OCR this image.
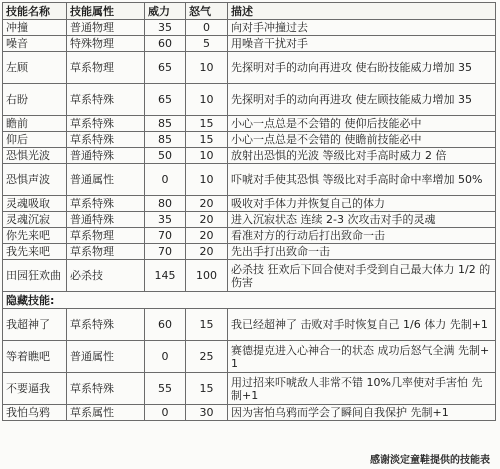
技能名称	技能属性	威力	怒气	描述
冲撞	普通物理	35	0	向对手冲撞过去
噪音	特殊物理	60	5	用噪音干扰对手
左顾	草系物理	65	10	先探明对手的动向再进攻 使右盼技能威力增加 35
右盼	草系特殊	65	10	先探明对手的动向再进攻 使左顾技能威力增加 35
瞻前	草系特殊	85	15	小心一点总是不会错的 使仰后技能必中
仰后	草系特殊	85	15	小心一点总是不会错的 使瞻前技能必中
恐惧光波	普通特殊	50	10	放射出恐惧的光波 等级比对手高时威力 2 倍
恐惧声波	普通属性	0	10	吓唬对手使其恐惧 等级比对手高时命中率增加 50%
灵魂吸取	草系特殊	80	20	吸收对手体力并恢复自己的体力
灵魂沉寂	普通特殊	35	20	进入沉寂状态 连续 2-3 次攻击对手的灵魂
你先来吧	草系物理	70	20	看准对方的行动后打出致命一击
我先来吧	草系物理	70	20	先出手打出致命一击
田园狂欢曲	必杀技	145	100	必杀技 狂欢后下回合使对手受到自己最大体力 1/2 的伤害
隐藏技能:				
我超神了	草系特殊	60	15	我已经超神了 击败对手时恢复自己 1/6 体力 先制+1
等着瞧吧	普通属性	0	25	赛德提克进入心神合一的状态 成功后怒气全满 先制+1
不要逼我	草系特殊	55	15	用过招来吓唬敌人非常不错 10%几率使对手害怕 先制+1
我怕乌鸦	草系属性	0	30	因为害怕乌鸦而学会了瞬间自我保护 先制+1
感谢淡定童鞋提供的技能表
